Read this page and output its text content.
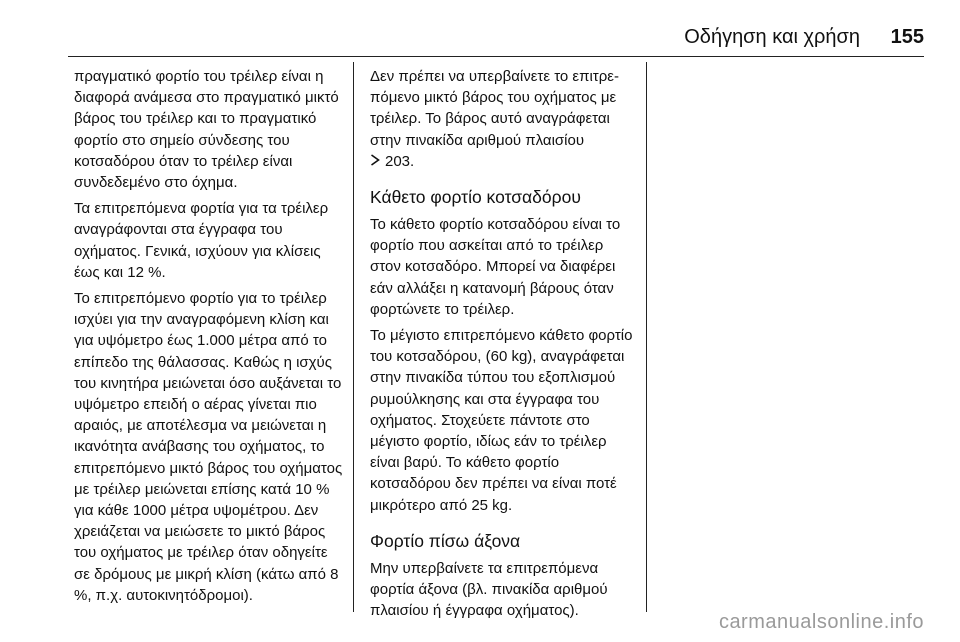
Οδήγηση και χρήση 155

πραγματικό φορτίο του τρέιλερ είναι η διαφορά ανάμεσα στο πραγματικό μικτό βάρος του τρέιλερ και το πραγματικό φορτίο στο σημείο σύνδεσης του κοτσαδόρου όταν το τρέιλερ είναι συνδεδεμένο στο όχημα.

Τα επιτρεπόμενα φορτία για τα τρέιλερ αναγράφονται στα έγγραφα του οχήματος. Γενικά, ισχύουν για κλίσεις έως και 12 %.

Το επιτρεπόμενο φορτίο για το τρέιλερ ισχύει για την αναγραφόμενη κλίση και για υψόμετρο έως 1.000 μέτρα από το επίπεδο της θάλασσας. Καθώς η ισχύς του κινητήρα μειώνεται όσο αυξάνεται το υψόμετρο επειδή ο αέρας γίνεται πιο αραιός, με αποτέλεσμα να μειώνεται η ικανότητα ανάβασης του οχήματος, το επιτρεπόμενο μικτό βάρος του οχήματος με τρέιλερ μειώνεται επίσης κατά 10 % για κάθε 1000 μέτρα υψομέτρου. Δεν χρειάζεται να μειώσετε το μικτό βάρος του οχήματος με τρέιλερ όταν οδηγείτε σε δρόμους με μικρή κλίση (κάτω από 8 %, π.χ. αυτοκινητόδρομοι).

Δεν πρέπει να υπερβαίνετε το επιτρεπόμενο μικτό βάρος του οχήματος με τρέιλερ. Το βάρος αυτό αναγράφεται στην πινακίδα αριθμού πλαισίου
203.

Κάθετο φορτίο κοτσαδόρου

Το κάθετο φορτίο κοτσαδόρου είναι το φορτίο που ασκείται από το τρέιλερ στον κοτσαδόρο. Μπορεί να διαφέρει εάν αλλάξει η κατανομή βάρους όταν φορτώνετε το τρέιλερ.

Το μέγιστο επιτρεπόμενο κάθετο φορτίο του κοτσαδόρου, (60 kg), αναγράφεται στην πινακίδα τύπου του εξοπλισμού ρυμούλκησης και στα έγγραφα του οχήματος. Στοχεύετε πάντοτε στο μέγιστο φορτίο, ιδίως εάν το τρέιλερ είναι βαρύ. Το κάθετο φορτίο κοτσαδόρου δεν πρέπει να είναι ποτέ μικρότερο από 25 kg.

Φορτίο πίσω άξονα

Μην υπερβαίνετε τα επιτρεπόμενα φορτία άξονα (βλ. πινακίδα αριθμού πλαισίου ή έγγραφα οχήματος).

carmanualsonline.info
